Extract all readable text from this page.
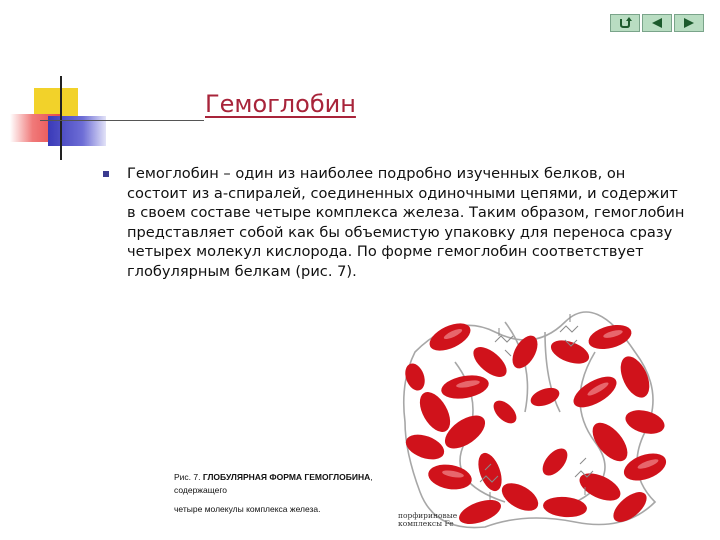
Гемоглобин

Гемоглобин – один из наиболее подробно изученных белков, он состоит из a-спиралей, соединенных одиночными цепями, и содержит в своем составе четыре комплекса железа. Таким образом, гемоглобин представляет собой как бы объемистую упаковку для переноса сразу четырех молекул кислорода. По форме гемоглобин соответствует глобулярным белкам (рис. 7).

порфириновые комплексы Fe
Рис. 7. ГЛОБУЛЯРНАЯ ФОРМА ГЕМОГЛОБИНА, содержащего
четыре молекулы комплекса железа.
